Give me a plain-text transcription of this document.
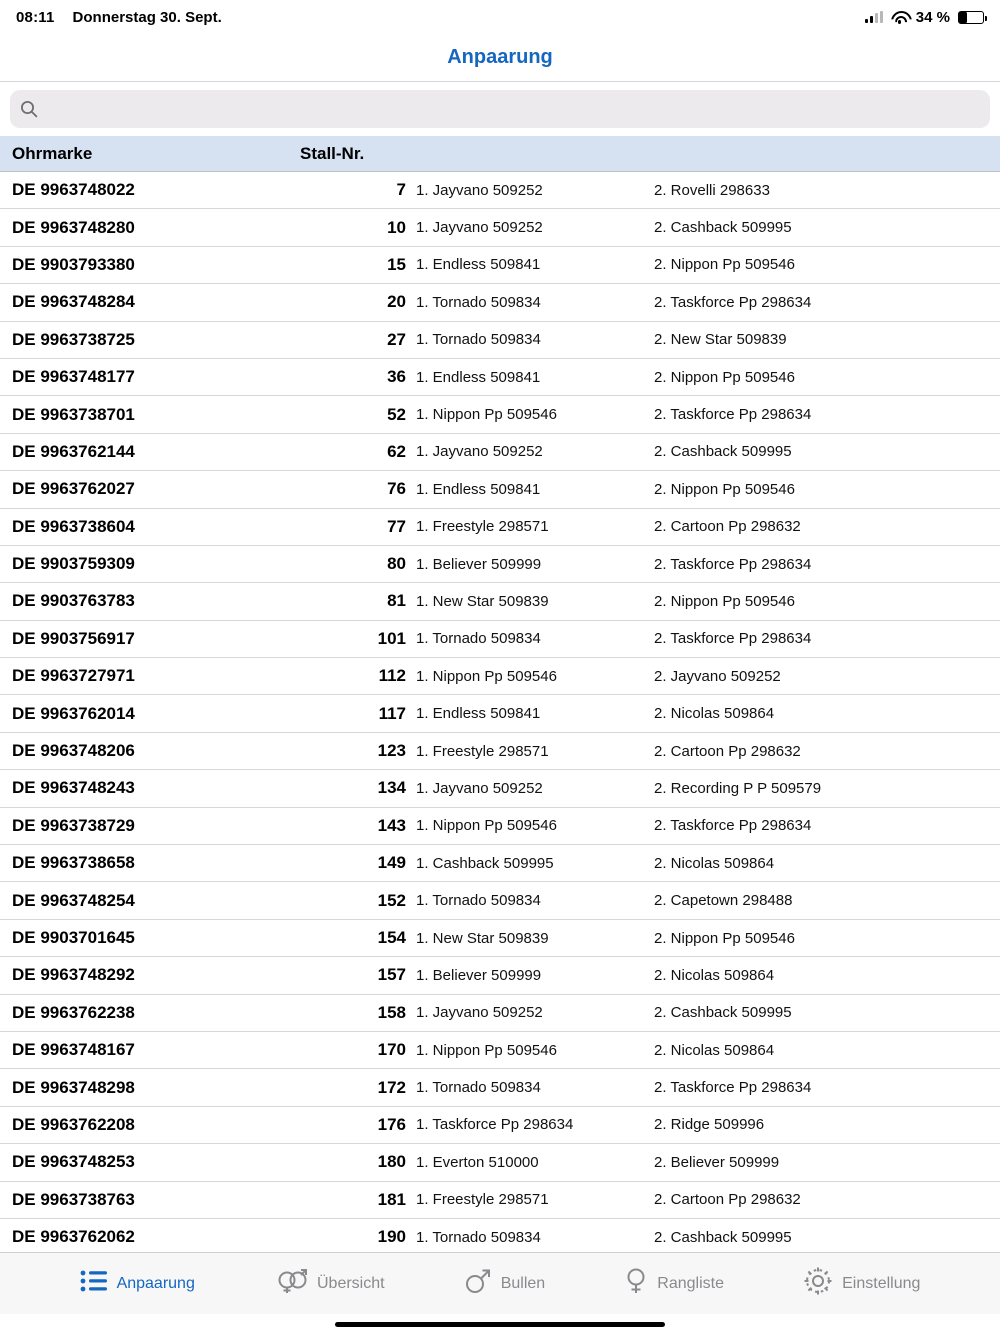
08:11 Donnerstag 30. Sept.	34 %
Anpaarung
Ohrmarke	Stall-Nr.
DE 9963748022	7 1. Jayvano 509252	2. Rovelli 298633
DE 9963748280	10 1. Jayvano 509252	2. Cashback 509995
DE 9903793380	15 1. Endless 509841	2. Nippon Pp 509546
DE 9963748284	20 1. Tornado 509834	2. Taskforce Pp 298634
DE 9963738725	27 1. Tornado 509834	2. New Star 509839
DE 9963748177	36 1. Endless 509841	2. Nippon Pp 509546
DE 9963738701	52 1. Nippon Pp 509546	2. Taskforce Pp 298634
DE 9963762144	62 1. Jayvano 509252	2. Cashback 509995
DE 9963762027	76 1. Endless 509841	2. Nippon Pp 509546
DE 9963738604	77 1. Freestyle 298571	2. Cartoon Pp 298632
DE 9903759309	80 1. Believer 509999	2. Taskforce Pp 298634
DE 9903763783	81 1. New Star 509839	2. Nippon Pp 509546
DE 9903756917	101 1. Tornado 509834	2. Taskforce Pp 298634
DE 9963727971	112 1. Nippon Pp 509546	2. Jayvano 509252
DE 9963762014	117 1. Endless 509841	2. Nicolas 509864
DE 9963748206	123 1. Freestyle 298571	2. Cartoon Pp 298632
DE 9963748243	134 1. Jayvano 509252	2. Recording P P 509579
DE 9963738729	143 1. Nippon Pp 509546	2. Taskforce Pp 298634
DE 9963738658	149 1. Cashback 509995	2. Nicolas 509864
DE 9963748254	152 1. Tornado 509834	2. Capetown 298488
DE 9903701645	154 1. New Star 509839	2. Nippon Pp 509546
DE 9963748292	157 1. Believer 509999	2. Nicolas 509864
DE 9963762238	158 1. Jayvano 509252	2. Cashback 509995
DE 9963748167	170 1. Nippon Pp 509546	2. Nicolas 509864
DE 9963748298	172 1. Tornado 509834	2. Taskforce Pp 298634
DE 9963762208	176 1. Taskforce Pp 298634	2. Ridge 509996
DE 9963748253	180 1. Everton 510000	2. Believer 509999
DE 9963738763	181 1. Freestyle 298571	2. Cartoon Pp 298632
DE 9963762062	190 1. Tornado 509834	2. Cashback 509995
Anpaarung	Übersicht	Bullen	Rangliste	Einstellung
